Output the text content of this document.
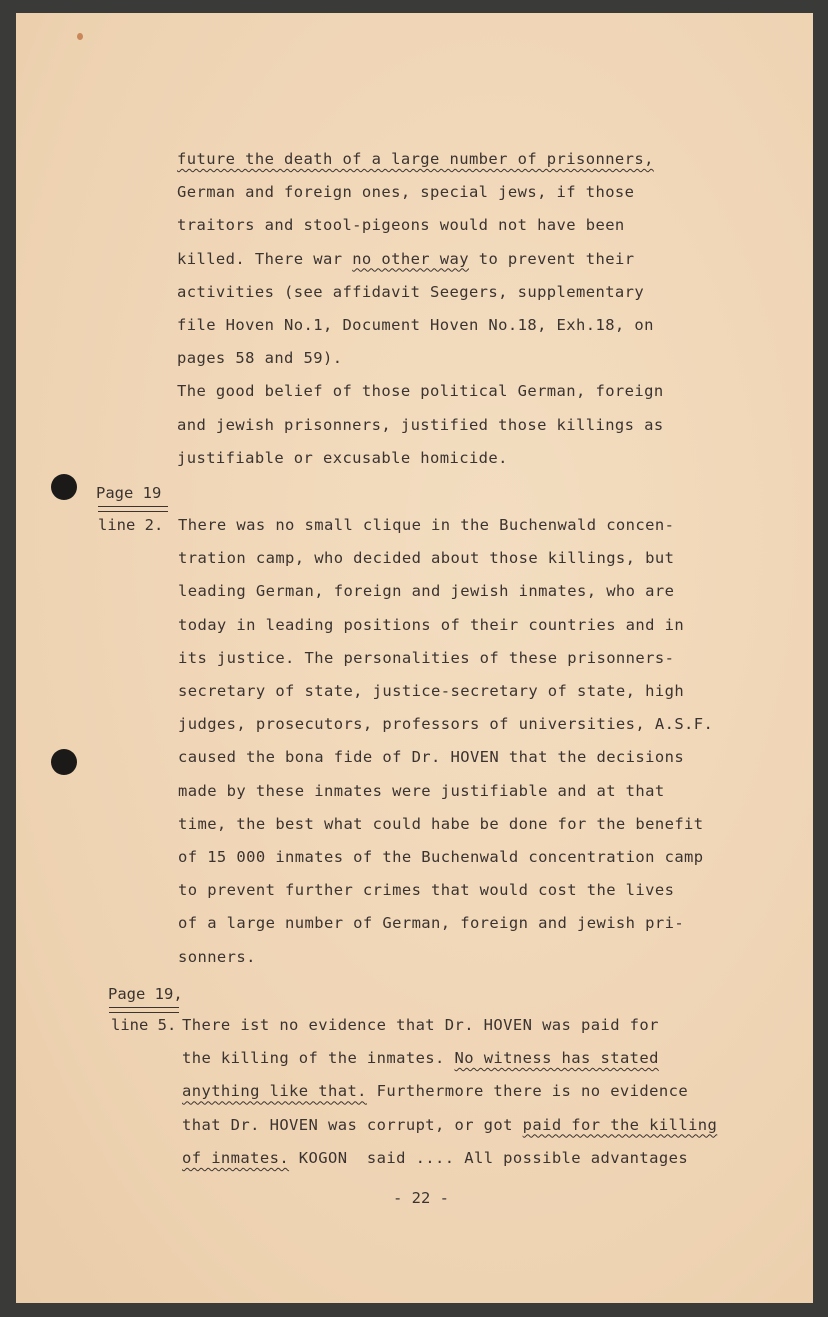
future the death of a large number of prisonners,
German and foreign ones, special jews, if those
traitors and stool-pigeons would not have been
killed. There war no other way to prevent their
activities (see affidavit Seegers, supplementary
file Hoven No.1, Document Hoven No.18, Exh.18, on
pages 58 and 59).
The good belief of those political German, foreign
and jewish prisonners, justified those killings as
justifiable or excusable homicide.
Page 19
line 2. There was no small clique in the Buchenwald concen-
tration camp, who decided about those killings, but
leading German, foreign and jewish inmates, who are
today in leading positions of their countries and in
its justice. The personalities of these prisonners-
secretary of state, justice-secretary of state, high
judges, prosecutors, professors of universities, A.S.F.
caused the bona fide of Dr. HOVEN that the decisions
made by these inmates were justifiable and at that
time, the best what could habe be done for the benefit
of 15 000 inmates of the Buchenwald concentration camp
to prevent further crimes that would cost the lives
of a large number of German, foreign and jewish pri-
sonners.
Page 19,
line 5. There ist no evidence that Dr. HOVEN was paid for
the killing of the inmates. No witness has stated
anything like that. Furthermore there is no evidence
that Dr. HOVEN was corrupt, or got paid for the killing
of inmates. KOGON  said .... All possible advantages
- 22 -
